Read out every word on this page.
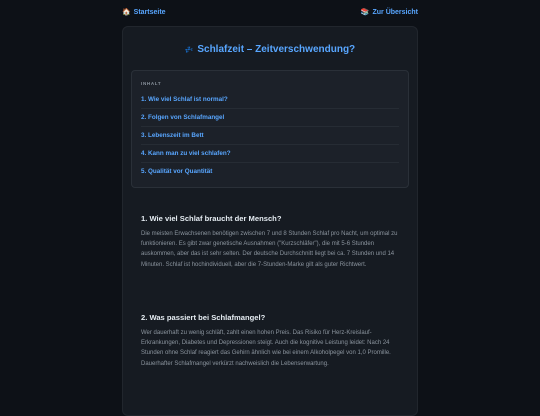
🏠 Startseite	📚 Zur Übersicht
💤 Schlafzeit – Zeitverschwendung?
INHALT
1. Wie viel Schlaf ist normal?
2. Folgen von Schlafmangel
3. Lebenszeit im Bett
4. Kann man zu viel schlafen?
5. Qualität vor Quantität
1. Wie viel Schlaf braucht der Mensch?

Die meisten Erwachsenen benötigen zwischen 7 und 8 Stunden Schlaf pro Nacht, um optimal zu funktionieren. Es gibt zwar genetische Ausnahmen ("Kurzschläfer"), die mit 5-6 Stunden auskommen, aber das ist sehr selten. Der deutsche Durchschnitt liegt bei ca. 7 Stunden und 14 Minuten. Schlaf ist hochindividuell, aber die 7-Stunden-Marke gilt als guter Richtwert.

2. Was passiert bei Schlafmangel?

Wer dauerhaft zu wenig schläft, zahlt einen hohen Preis. Das Risiko für Herz-Kreislauf-Erkrankungen, Diabetes und Depressionen steigt. Auch die kognitive Leistung leidet: Nach 24 Stunden ohne Schlaf reagiert das Gehirn ähnlich wie bei einem Alkoholpegel von 1,0 Promille. Dauerhafter Schlafmangel verkürzt nachweislich die Lebenserwartung.
